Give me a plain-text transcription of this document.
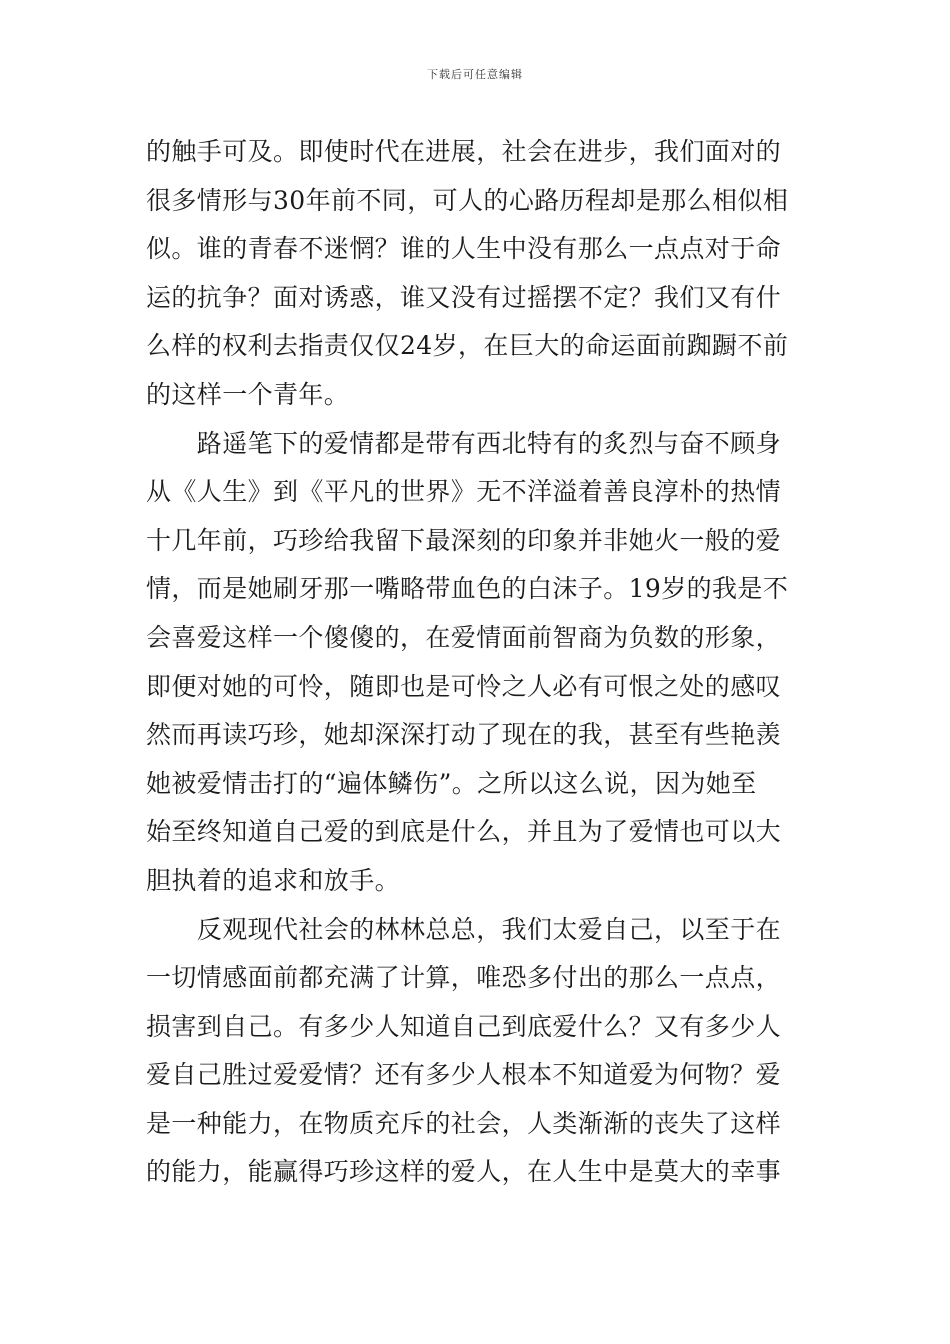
下载后可任意编辑
的触手可及。即使时代在进展，社会在进步，我们面对的
很多情形与30年前不同，可人的心路历程却是那么相似相
似。谁的青春不迷惘？谁的人生中没有那么一点点对于命
运的抗争？面对诱惑，谁又没有过摇摆不定？我们又有什
么样的权利去指责仅仅24岁，在巨大的命运面前踟蹰不前
的这样一个青年。
　　路遥笔下的爱情都是带有西北特有的炙烈与奋不顾身
从《人生》到《平凡的世界》无不洋溢着善良淳朴的热情
十几年前，巧珍给我留下最深刻的印象并非她火一般的爱
情，而是她刷牙那一嘴略带血色的白沫子。19岁的我是不
会喜爱这样一个傻傻的，在爱情面前智商为负数的形象，
即便对她的可怜，随即也是可怜之人必有可恨之处的感叹
然而再读巧珍，她却深深打动了现在的我，甚至有些艳羡
她被爱情击打的“遍体鳞伤”。之所以这么说，因为她至
始至终知道自己爱的到底是什么，并且为了爱情也可以大
胆执着的追求和放手。
　　反观现代社会的林林总总，我们太爱自己，以至于在
一切情感面前都充满了计算，唯恐多付出的那么一点点，
损害到自己。有多少人知道自己到底爱什么？又有多少人
爱自己胜过爱爱情？还有多少人根本不知道爱为何物？爱
是一种能力，在物质充斥的社会，人类渐渐的丧失了这样
的能力，能赢得巧珍这样的爱人，在人生中是莫大的幸事
